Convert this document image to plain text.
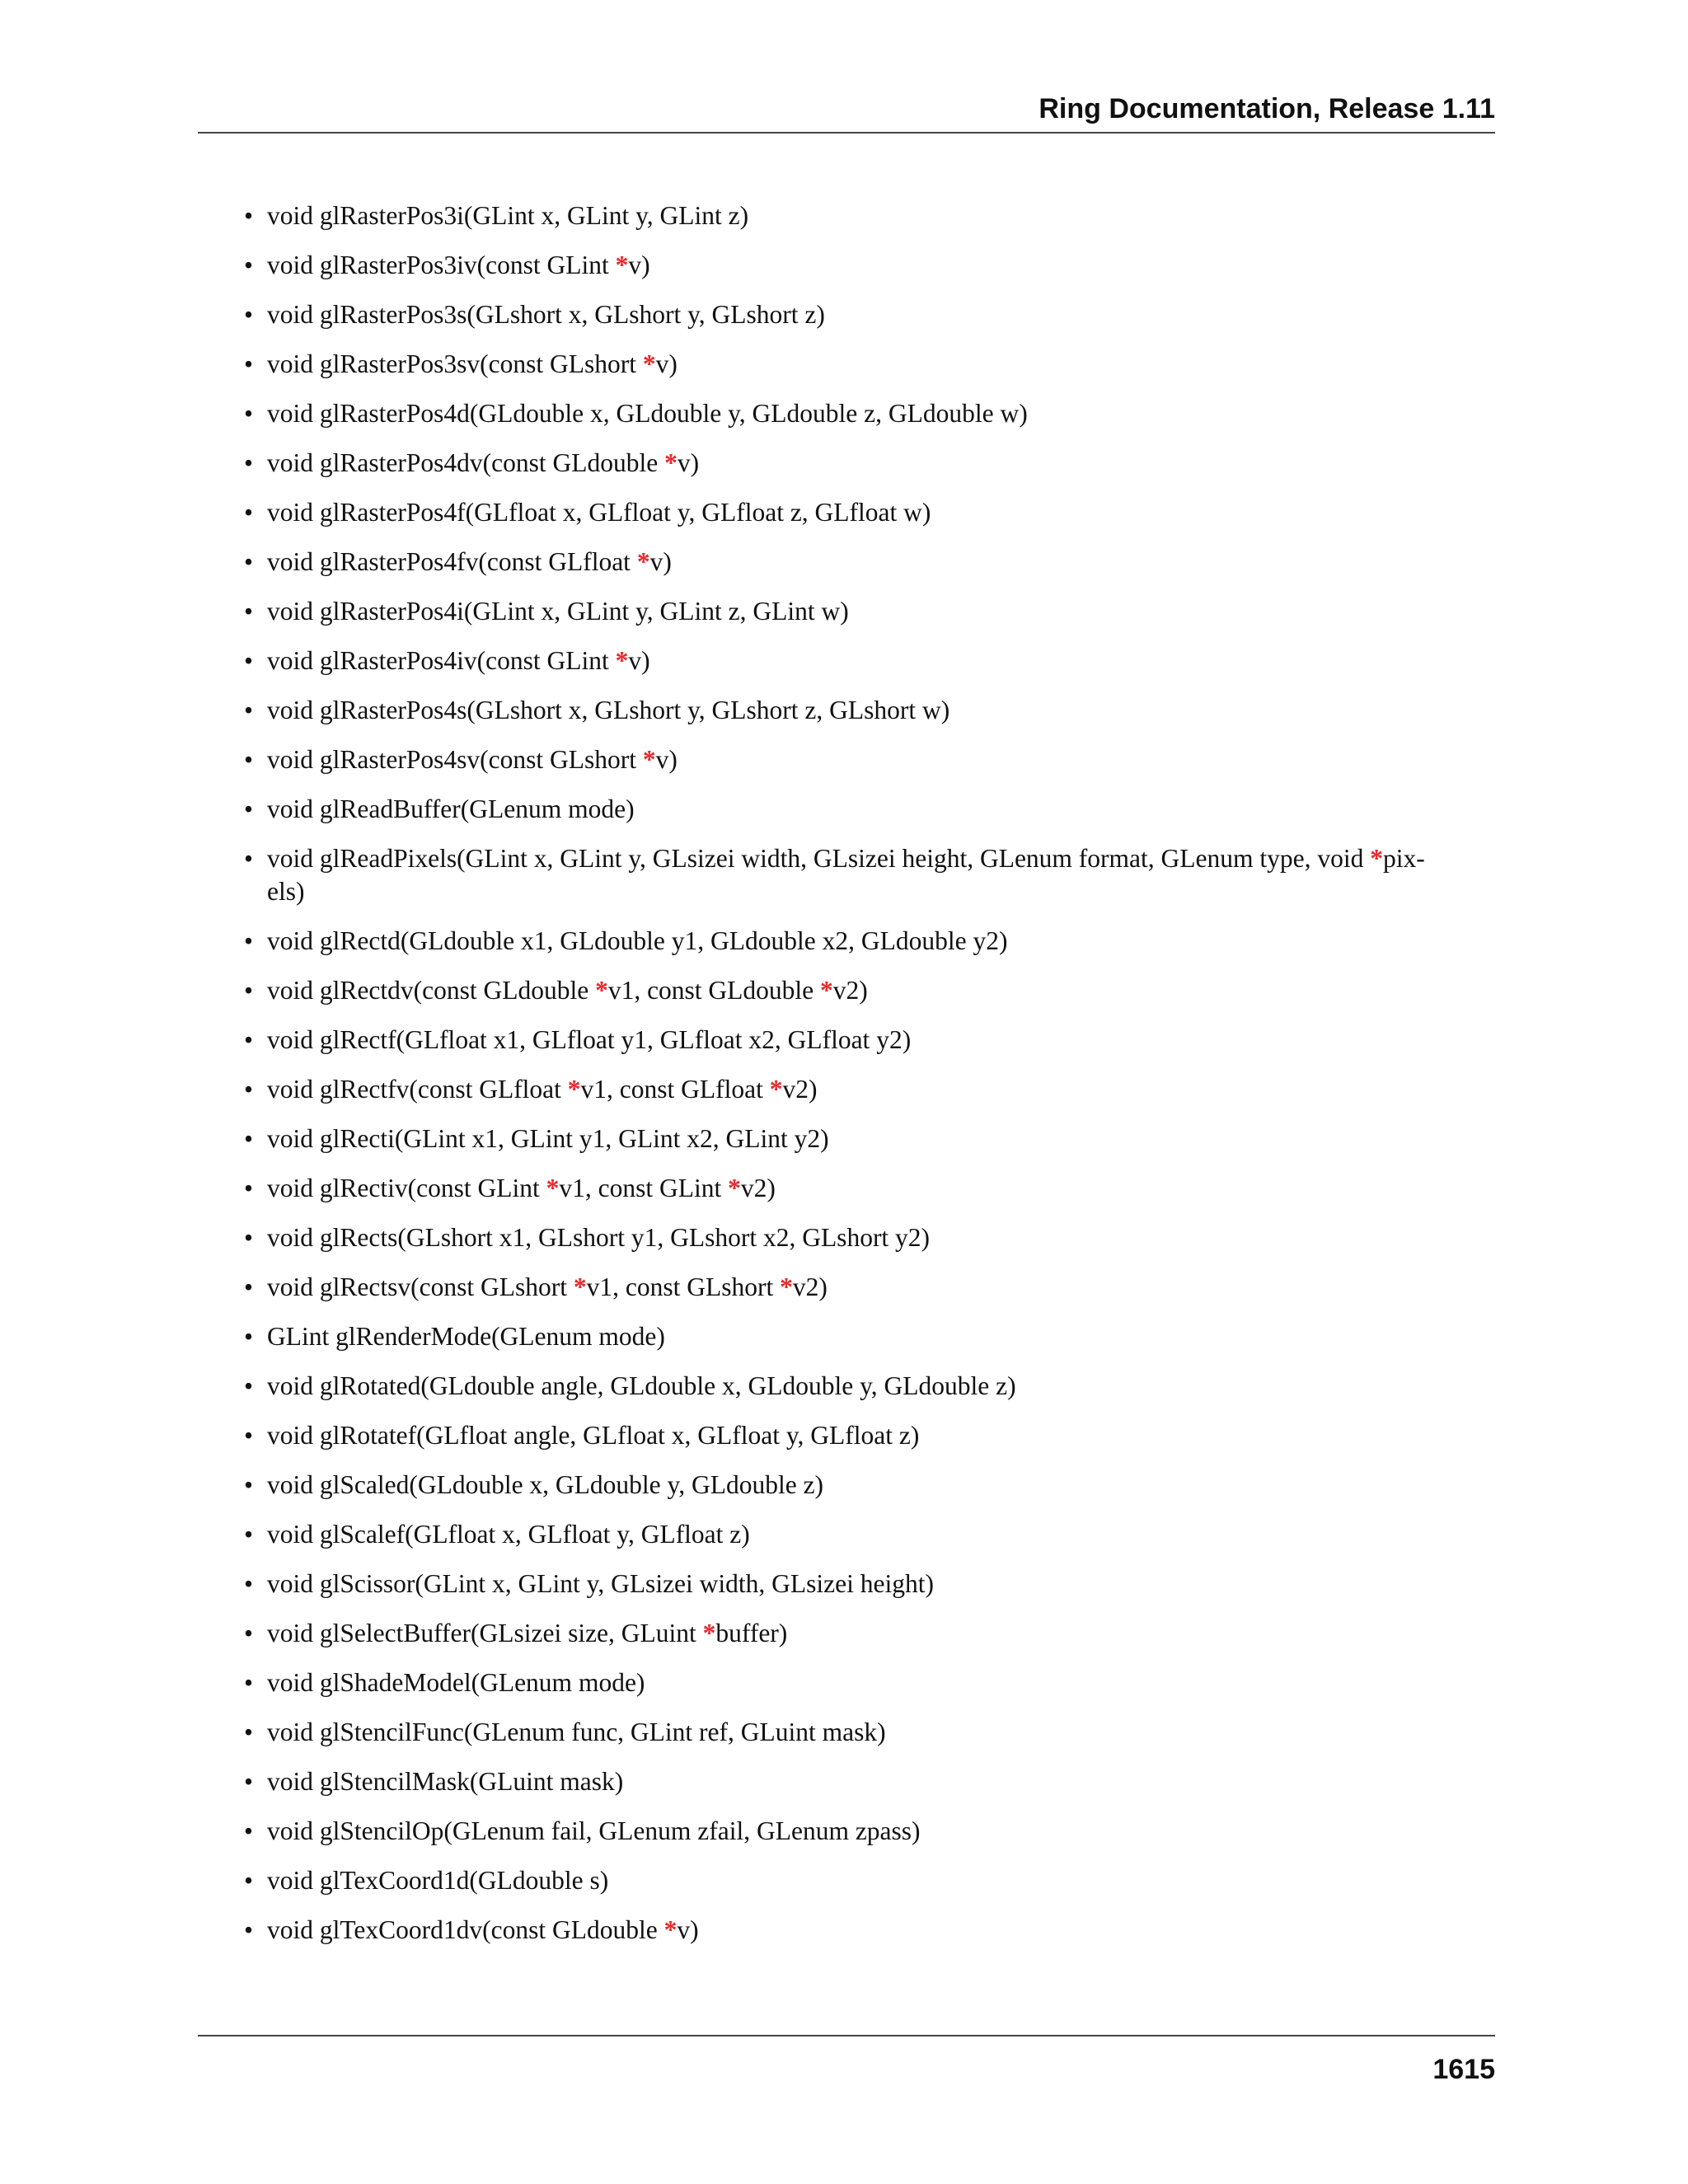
Ring Documentation, Release 1.11
• void glRasterPos3i(GLint x, GLint y, GLint z)
• void glRasterPos3iv(const GLint *v)
• void glRasterPos3s(GLshort x, GLshort y, GLshort z)
• void glRasterPos3sv(const GLshort *v)
• void glRasterPos4d(GLdouble x, GLdouble y, GLdouble z, GLdouble w)
• void glRasterPos4dv(const GLdouble *v)
• void glRasterPos4f(GLfloat x, GLfloat y, GLfloat z, GLfloat w)
• void glRasterPos4fv(const GLfloat *v)
• void glRasterPos4i(GLint x, GLint y, GLint z, GLint w)
• void glRasterPos4iv(const GLint *v)
• void glRasterPos4s(GLshort x, GLshort y, GLshort z, GLshort w)
• void glRasterPos4sv(const GLshort *v)
• void glReadBuffer(GLenum mode)
• void glReadPixels(GLint x, GLint y, GLsizei width, GLsizei height, GLenum format, GLenum type, void *pix-
els)
• void glRectd(GLdouble x1, GLdouble y1, GLdouble x2, GLdouble y2)
• void glRectdv(const GLdouble *v1, const GLdouble *v2)
• void glRectf(GLfloat x1, GLfloat y1, GLfloat x2, GLfloat y2)
• void glRectfv(const GLfloat *v1, const GLfloat *v2)
• void glRecti(GLint x1, GLint y1, GLint x2, GLint y2)
• void glRectiv(const GLint *v1, const GLint *v2)
• void glRects(GLshort x1, GLshort y1, GLshort x2, GLshort y2)
• void glRectsv(const GLshort *v1, const GLshort *v2)
• GLint glRenderMode(GLenum mode)
• void glRotated(GLdouble angle, GLdouble x, GLdouble y, GLdouble z)
• void glRotatef(GLfloat angle, GLfloat x, GLfloat y, GLfloat z)
• void glScaled(GLdouble x, GLdouble y, GLdouble z)
• void glScalef(GLfloat x, GLfloat y, GLfloat z)
• void glScissor(GLint x, GLint y, GLsizei width, GLsizei height)
• void glSelectBuffer(GLsizei size, GLuint *buffer)
• void glShadeModel(GLenum mode)
• void glStencilFunc(GLenum func, GLint ref, GLuint mask)
• void glStencilMask(GLuint mask)
• void glStencilOp(GLenum fail, GLenum zfail, GLenum zpass)
• void glTexCoord1d(GLdouble s)
• void glTexCoord1dv(const GLdouble *v)
1615
